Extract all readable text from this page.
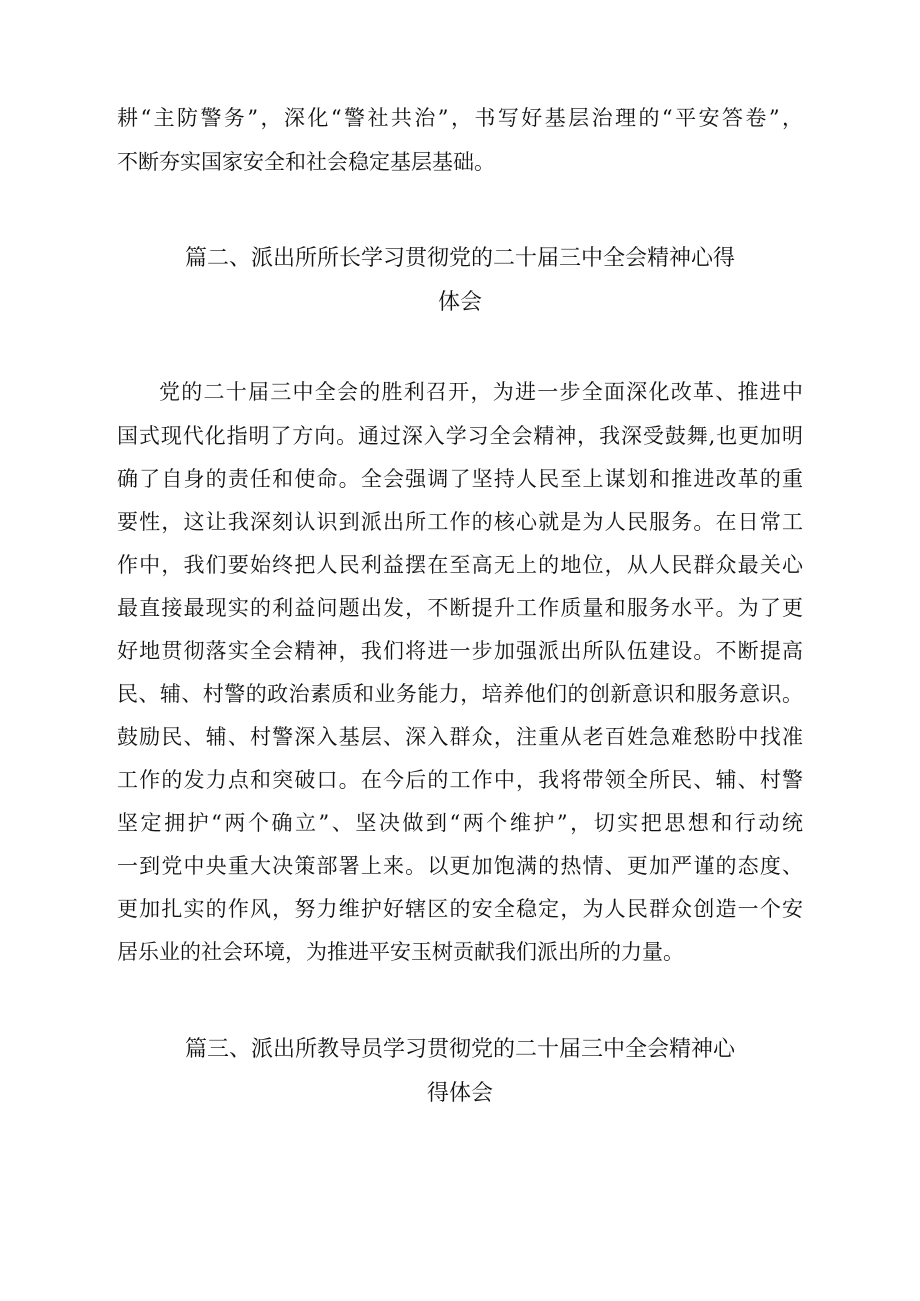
耕“主防警务”，深化“警社共治”，书写好基层治理的“平安答卷”，
不断夯实国家安全和社会稳定基层基础。
篇二、派出所所长学习贯彻党的二十届三中全会精神心得
体会
党的二十届三中全会的胜利召开，为进一步全面深化改革、推进中
国式现代化指明了方向。通过深入学习全会精神，我深受鼓舞,也更加明
确了自身的责任和使命。全会强调了坚持人民至上谋划和推进改革的重
要性，这让我深刻认识到派出所工作的核心就是为人民服务。在日常工
作中，我们要始终把人民利益摆在至高无上的地位，从人民群众最关心
最直接最现实的利益问题出发，不断提升工作质量和服务水平。为了更
好地贯彻落实全会精神，我们将进一步加强派出所队伍建设。不断提高
民、辅、村警的政治素质和业务能力，培养他们的创新意识和服务意识。
鼓励民、辅、村警深入基层、深入群众，注重从老百姓急难愁盼中找准
工作的发力点和突破口。在今后的工作中，我将带领全所民、辅、村警
坚定拥护“两个确立”、坚决做到“两个维护”，切实把思想和行动统
一到党中央重大决策部署上来。以更加饱满的热情、更加严谨的态度、
更加扎实的作风，努力维护好辖区的安全稳定，为人民群众创造一个安
居乐业的社会环境，为推进平安玉树贡献我们派出所的力量。
篇三、派出所教导员学习贯彻党的二十届三中全会精神心
得体会
